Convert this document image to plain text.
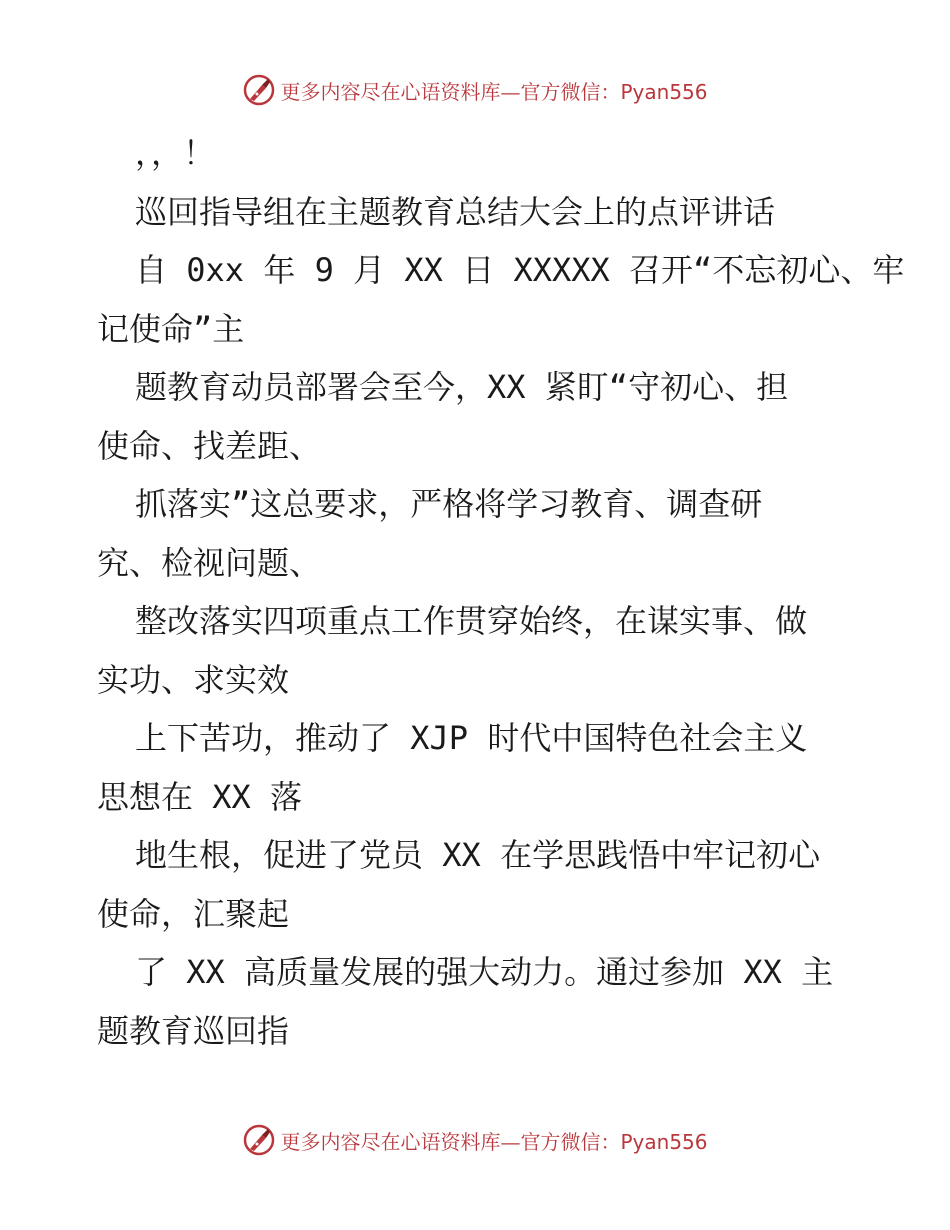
更多内容尽在心语资料库—官方微信：Pyan556
，，！
巡回指导组在主题教育总结大会上的点评讲话
自 0xx 年 9 月 XX 日 XXXXX 召开“不忘初心、牢
记使命”主
题教育动员部署会至今，XX 紧盯“守初心、担
使命、找差距、
抓落实”这总要求，严格将学习教育、调查研
究、检视问题、
整改落实四项重点工作贯穿始终，在谋实事、做
实功、求实效
上下苦功，推动了 XJP 时代中国特色社会主义
思想在 XX 落
地生根，促进了党员 XX 在学思践悟中牢记初心
使命，汇聚起
了 XX 高质量发展的强大动力。通过参加 XX 主
题教育巡回指
更多内容尽在心语资料库—官方微信：Pyan556
